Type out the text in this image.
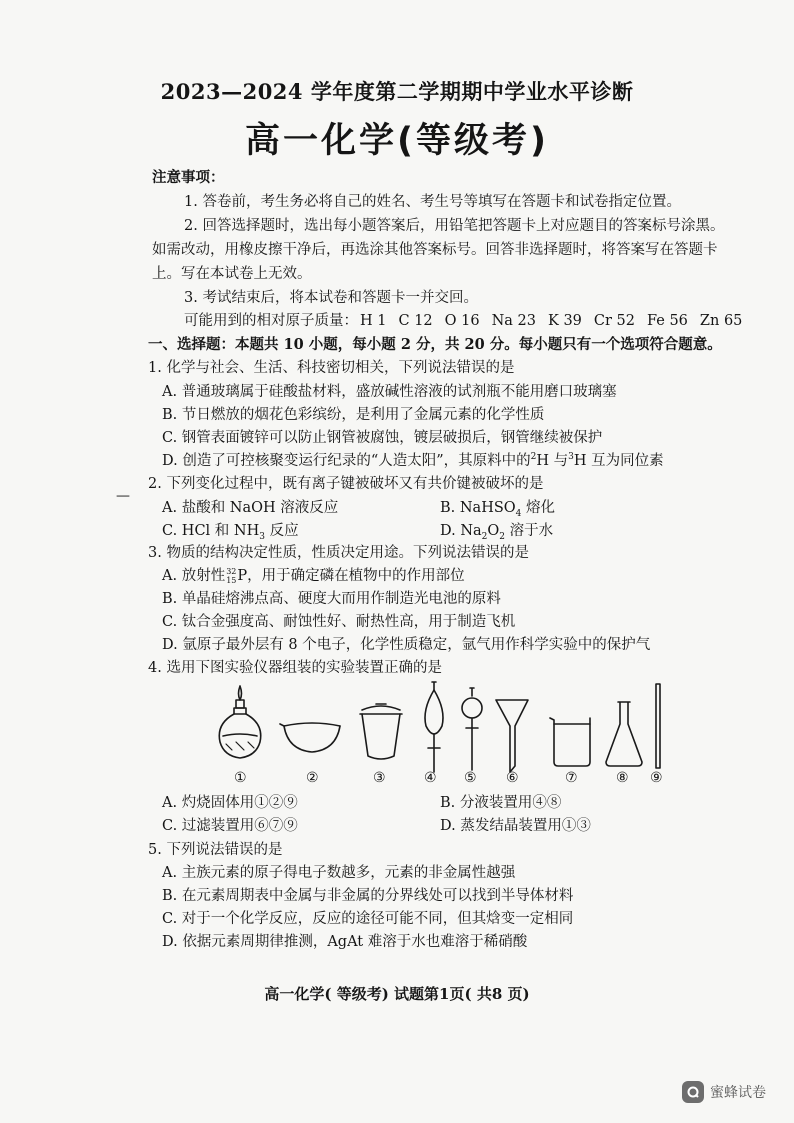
2023—2024 学年度第二学期期中学业水平诊断
高一化学(等级考)
注意事项：
1. 答卷前，考生务必将自己的姓名、考生号等填写在答题卡和试卷指定位置。
2. 回答选择题时，选出每小题答案后，用铅笔把答题卡上对应题目的答案标号涂黑。
如需改动，用橡皮擦干净后，再选涂其他答案标号。回答非选择题时，将答案写在答题卡
上。写在本试卷上无效。
3. 考试结束后，将本试卷和答题卡一并交回。
可能用到的相对原子质量： H 1 C 12 O 16 Na 23 K 39 Cr 52 Fe 56 Zn 65
一、选择题：本题共 10 小题，每小题 2 分，共 20 分。每小题只有一个选项符合题意。
1. 化学与社会、生活、科技密切相关，下列说法错误的是
A. 普通玻璃属于硅酸盐材料，盛放碱性溶液的试剂瓶不能用磨口玻璃塞
B. 节日燃放的烟花色彩缤纷，是利用了金属元素的化学性质
C. 钢管表面镀锌可以防止钢管被腐蚀，镀层破损后，钢管继续被保护
D. 创造了可控核聚变运行纪录的“人造太阳”，其原料中的$^2$H 与$^3$H 互为同位素
2. 下列变化过程中，既有离子键被破坏又有共价键被破坏的是
—
A. 盐酸和 NaOH 溶液反应	B. NaHSO$_4$ 熔化
C. HCl 和 $NH_3$ 反应	D. $Na_2O_2$ 溶于水
3. 物质的结构决定性质，性质决定用途。下列说法错误的是
A. 放射性32
15P，用于确定磷在植物中的作用部位
B. 单晶硅熔沸点高、硬度大而用作制造光电池的原料
C. 钛合金强度高、耐蚀性好、耐热性高，用于制造飞机
D. 氩原子最外层有 8 个电子，化学性质稳定，氩气用作科学实验中的保护气
4. 选用下图实验仪器组装的实验装置正确的是
①	②	③	④ ⑤ ⑥	⑦	⑧ ⑨
A. 灼烧固体用①②⑨	B. 分液装置用④⑧
C. 过滤装置用⑥⑦⑨	D. 蒸发结晶装置用①③
5. 下列说法错误的是
A. 主族元素的原子得电子数越多，元素的非金属性越强
B. 在元素周期表中金属与非金属的分界线处可以找到半导体材料
C. 对于一个化学反应，反应的途径可能不同，但其焓变一定相同
D. 依据元素周期律推测，AgAt 难溶于水也难溶于稀硝酸
高一化学( 等级考) 试题第1页( 共8 页)
蜜蜂试卷
